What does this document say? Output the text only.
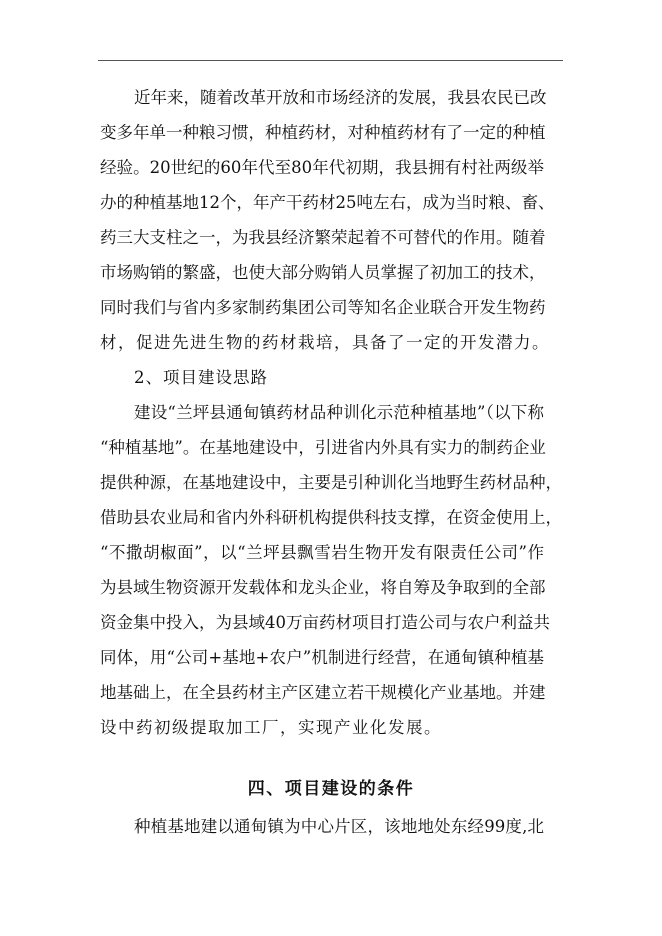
近年来，随着改革开放和市场经济的发展，我县农民已改
变多年单一种粮习惯，种植药材，对种植药材有了一定的种植
经验。20世纪的60年代至80年代初期，我县拥有村社两级举
办的种植基地12个，年产干药材25吨左右，成为当时粮、畜、
药三大支柱之一，为我县经济繁荣起着不可替代的作用。随着
市场购销的繁盛，也使大部分购销人员掌握了初加工的技术，
同时我们与省内多家制药集团公司等知名企业联合开发生物药
材，促进先进生物的药材栽培，具备了一定的开发潜力。
2、项目建设思路
建设“兰坪县通甸镇药材品种训化示范种植基地”（以下称
“种植基地”。在基地建设中，引进省内外具有实力的制药企业
提供种源，在基地建设中，主要是引种训化当地野生药材品种，
借助县农业局和省内外科研机构提供科技支撑，在资金使用上，
“不撒胡椒面”，以“兰坪县飘雪岩生物开发有限责任公司”作
为县域生物资源开发载体和龙头企业，将自筹及争取到的全部
资金集中投入，为县域40万亩药材项目打造公司与农户利益共
同体，用“公司+基地+农户”机制进行经营，在通甸镇种植基
地基础上，在全县药材主产区建立若干规模化产业基地。并建
设中药初级提取加工厂，实现产业化发展。
四、项目建设的条件
种植基地建以通甸镇为中心片区，该地地处东经99度,北
